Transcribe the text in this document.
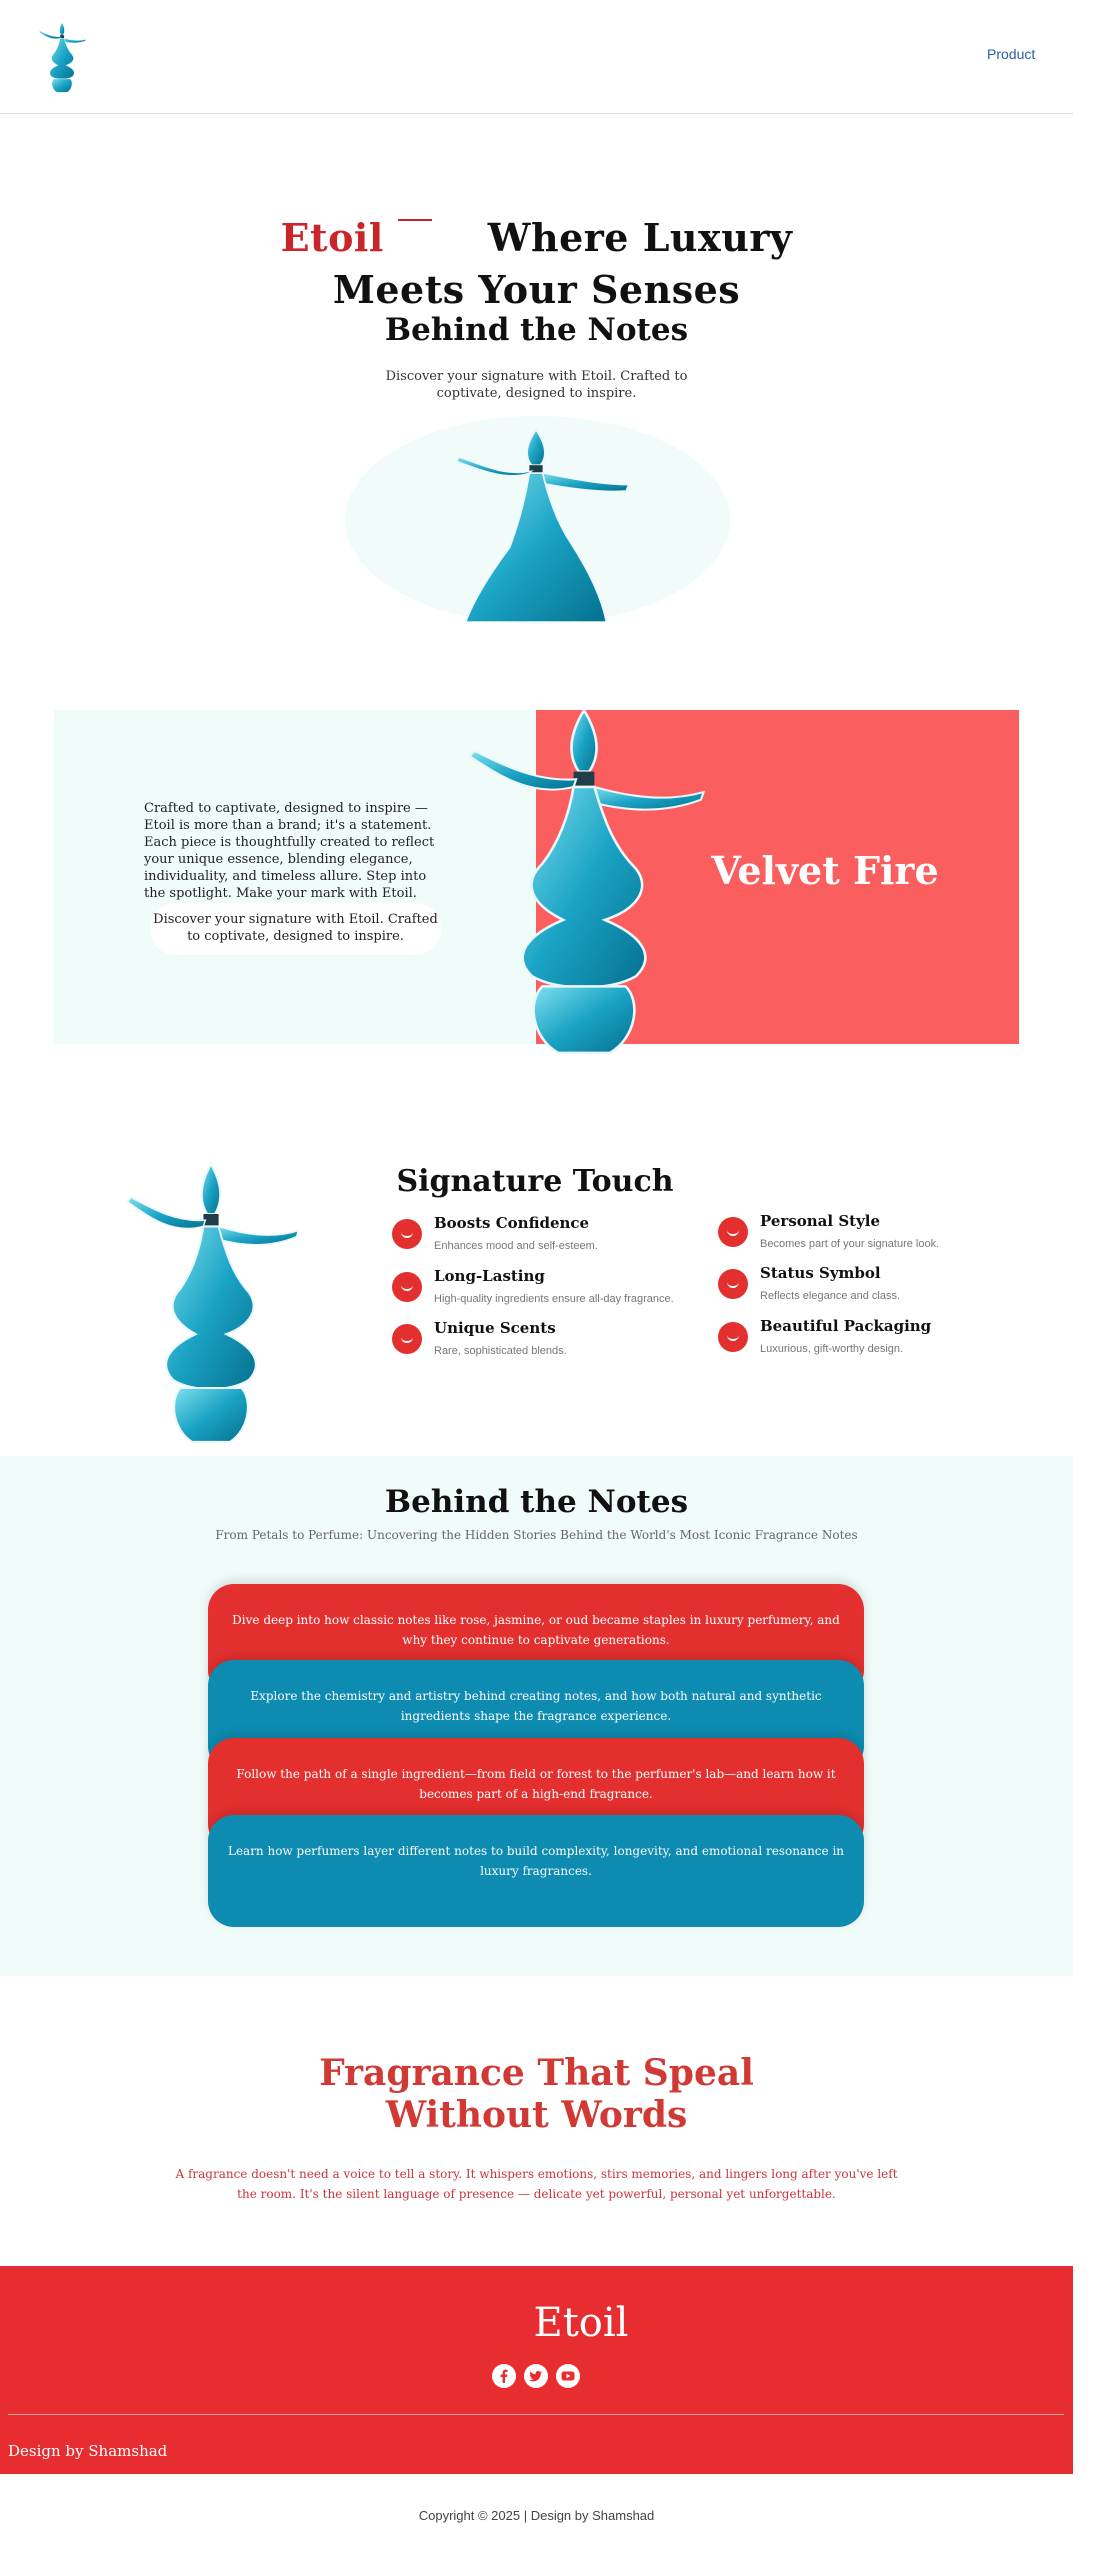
Product
Etoil	Where Luxury
Meets Your Senses
Behind the Notes
Discover your signature with Etoil. Crafted to coptivate, designed to inspire.
Crafted to captivate, designed to inspire — Etoil is more than a brand; it's a statement. Each piece is thoughtfully created to reflect your unique essence, blending elegance, individuality, and timeless allure. Step into the spotlight. Make your mark with Etoil.
Discover your signature with Etoil. Crafted to coptivate, designed to inspire.
Velvet Fire
Signature Touch
Boosts Confidence
Enhances mood and self-esteem.
Long-Lasting
High-quality ingredients ensure all-day fragrance.
Unique Scents
Rare, sophisticated blends.
Personal Style
Becomes part of your signature look.
Status Symbol
Reflects elegance and class.
Beautiful Packaging
Luxurious, gift-worthy design.
Behind the Notes
From Petals to Perfume: Uncovering the Hidden Stories Behind the World's Most Iconic Fragrance Notes
Dive deep into how classic notes like rose, jasmine, or oud became staples in luxury perfumery, and why they continue to captivate generations.
Explore the chemistry and artistry behind creating notes, and how both natural and synthetic ingredients shape the fragrance experience.
Follow the path of a single ingredient—from field or forest to the perfumer's lab—and learn how it becomes part of a high-end fragrance.
Learn how perfumers layer different notes to build complexity, longevity, and emotional resonance in luxury fragrances.
Fragrance That Speal
Without Words
A fragrance doesn't need a voice to tell a story. It whispers emotions, stirs memories, and lingers long after you've left the room. It's the silent language of presence — delicate yet powerful, personal yet unforgettable.
Etoil
Design by Shamshad
Copyright © 2025 | Design by Shamshad
